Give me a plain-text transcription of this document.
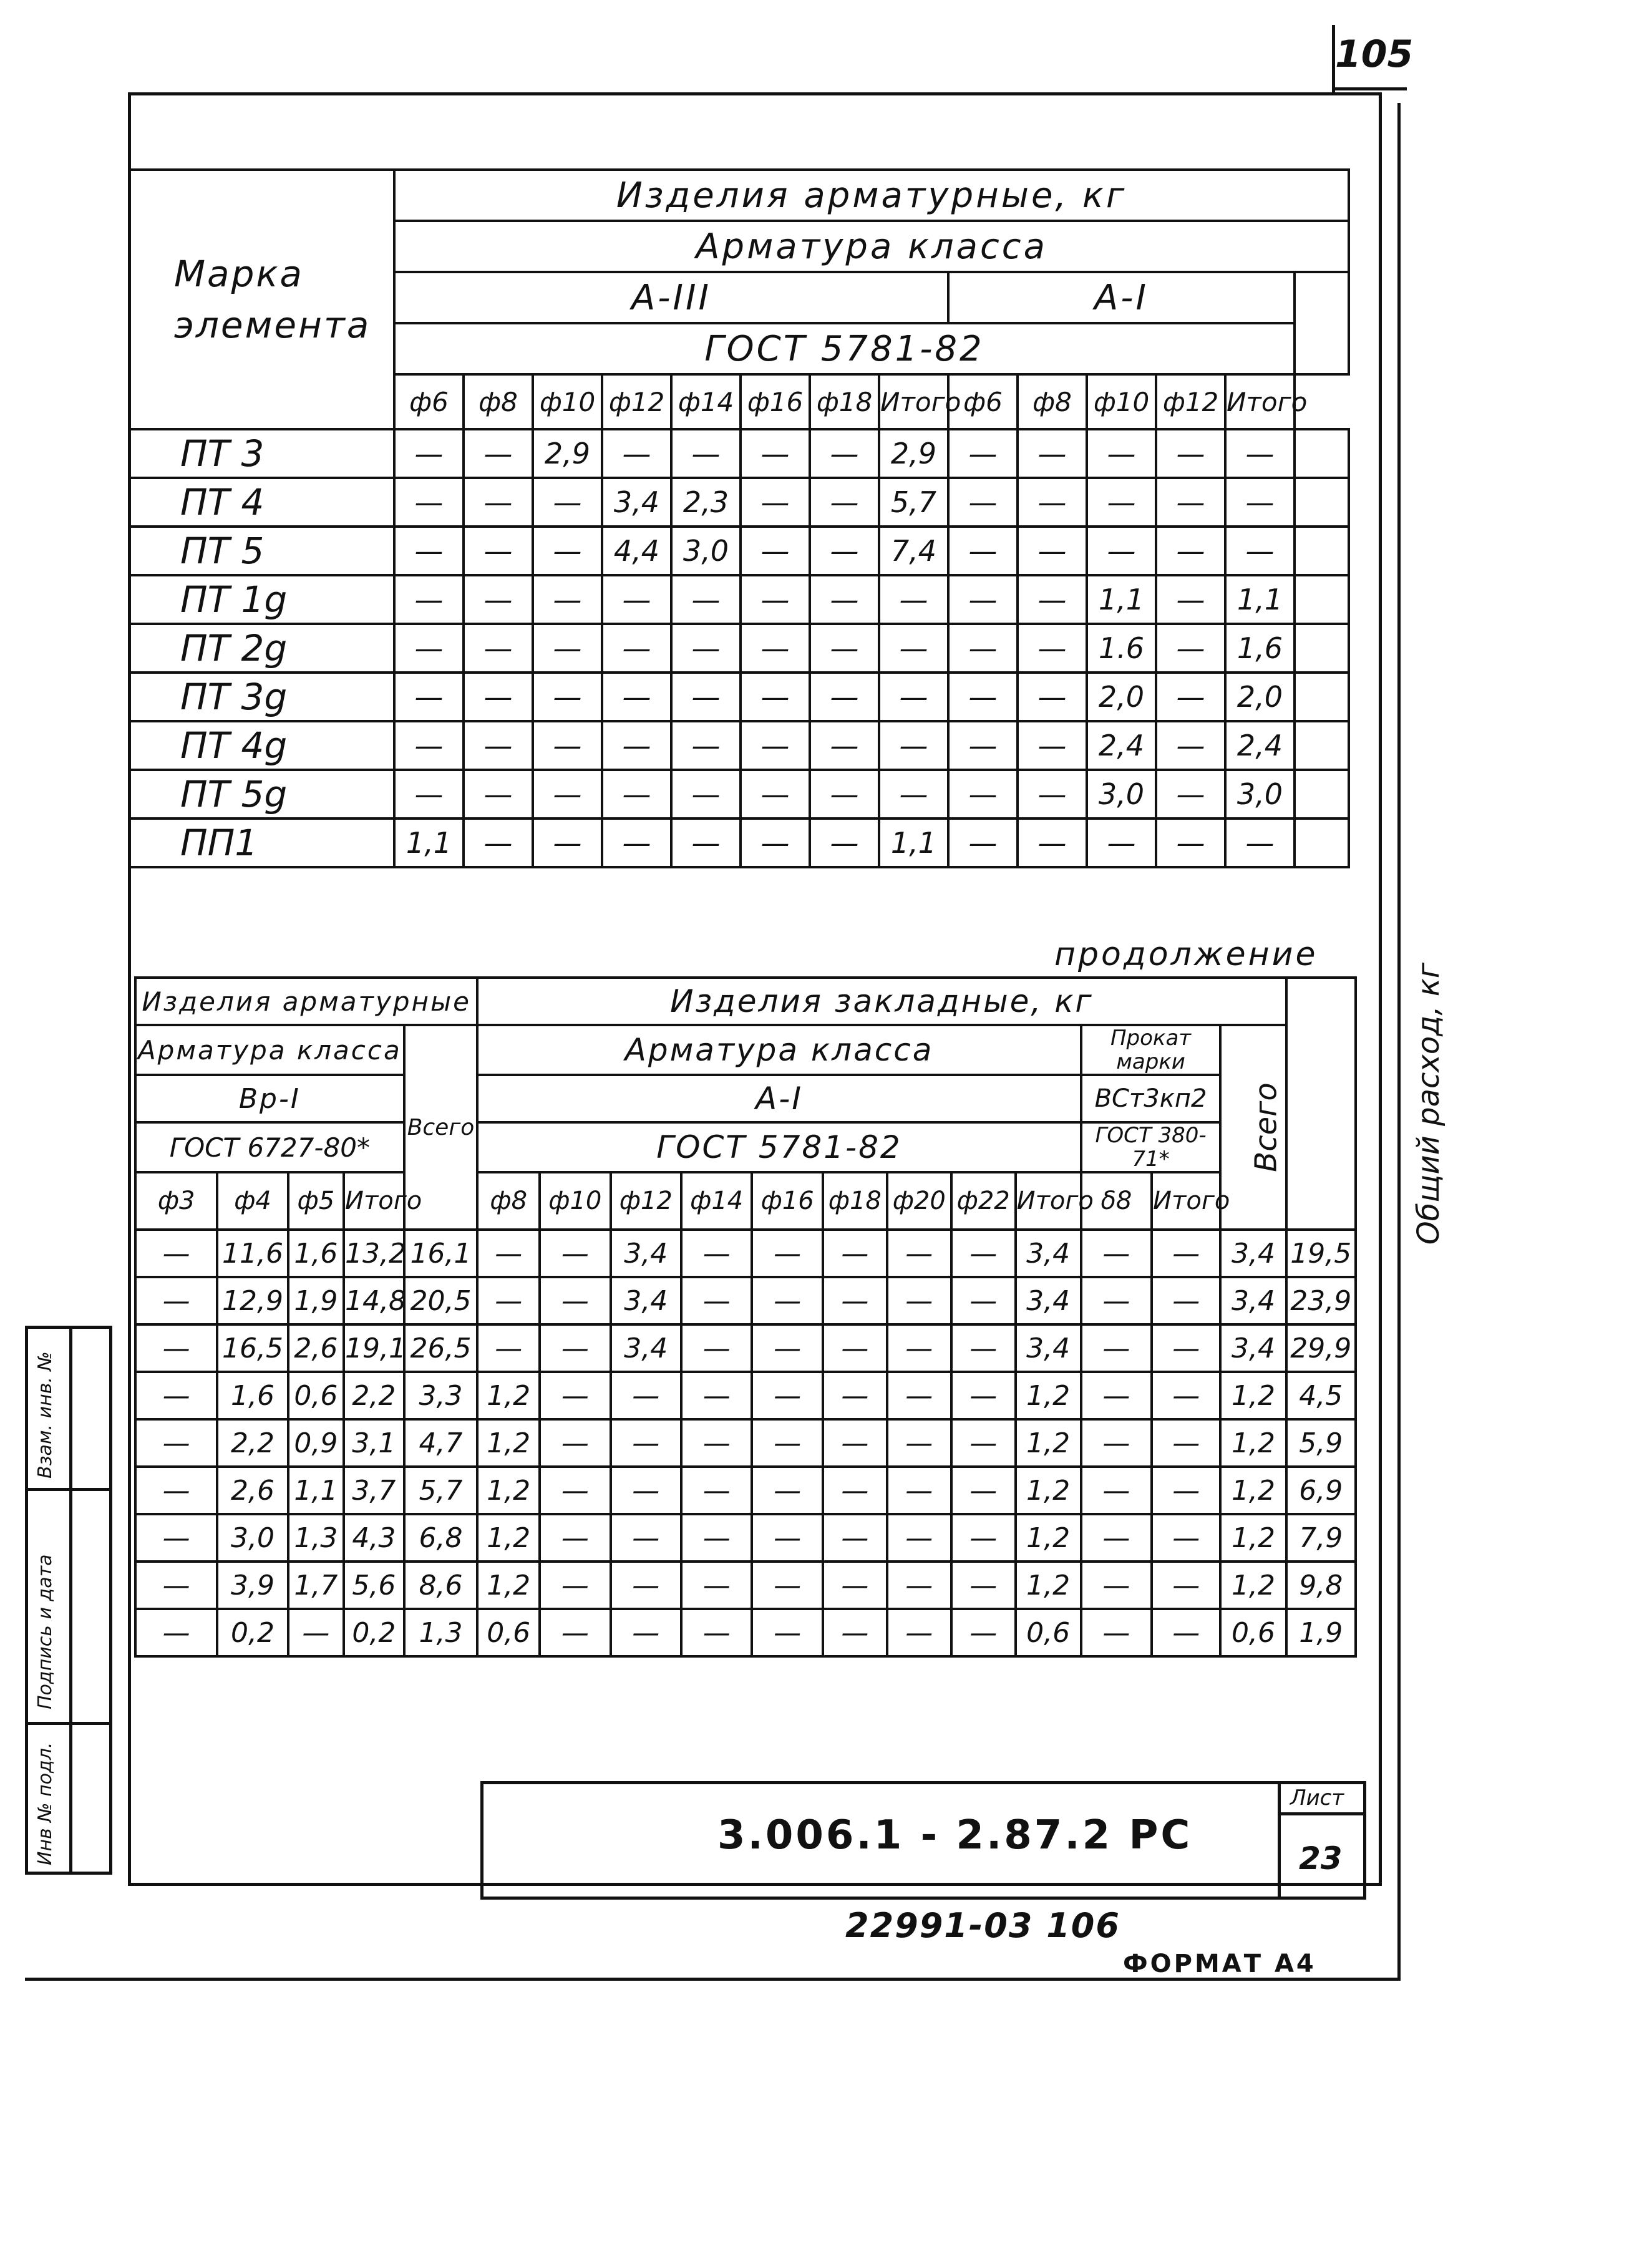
105
Марка элемента	Изделия арматурные, кг													
	Арматура класса													
	А-III								А-I					
	ГОСТ 5781-82													
	ф6	ф8	ф10	ф12	ф14	ф16	ф18	Итого	ф6	ф8	ф10	ф12	Итого	
ПТ 3	—	—	2,9	—	—	—	—	2,9	—	—	—	—	—	
ПТ 4	—	—	—	3,4	2,3	—	—	5,7	—	—	—	—	—	
ПТ 5	—	—	—	4,4	3,0	—	—	7,4	—	—	—	—	—	
ПТ 1g	—	—	—	—	—	—	—	—	—	—	1,1	—	1,1	
ПТ 2g	—	—	—	—	—	—	—	—	—	—	1.6	—	1,6	
ПТ 3g	—	—	—	—	—	—	—	—	—	—	2,0	—	2,0	
ПТ 4g	—	—	—	—	—	—	—	—	—	—	2,4	—	2,4	
ПТ 5g	—	—	—	—	—	—	—	—	—	—	3,0	—	3,0	
ПП1	1,1	—	—	—	—	—	—	1,1	—	—	—	—	—	
продолжение
Изделия арматурные					Изделия закладные, кг												Общий расход, кг
Арматура класса				Всего	Арматура класса									Прокат марки		Всего	
Вр-I					А-I									ВСт3кп2			
ГОСТ 6727-80*					ГОСТ 5781-82									ГОСТ 380-71*			
ф3	ф4	ф5	Итого		ф8	ф10	ф12	ф14	ф16	ф18	ф20	ф22	Итого	δ8	Итого		
—	11,6	1,6	13,2	16,1	—	—	3,4	—	—	—	—	—	3,4	—	—	3,4	19,5
—	12,9	1,9	14,8	20,5	—	—	3,4	—	—	—	—	—	3,4	—	—	3,4	23,9
—	16,5	2,6	19,1	26,5	—	—	3,4	—	—	—	—	—	3,4	—	—	3,4	29,9
—	1,6	0,6	2,2	3,3	1,2	—	—	—	—	—	—	—	1,2	—	—	1,2	4,5
—	2,2	0,9	3,1	4,7	1,2	—	—	—	—	—	—	—	1,2	—	—	1,2	5,9
—	2,6	1,1	3,7	5,7	1,2	—	—	—	—	—	—	—	1,2	—	—	1,2	6,9
—	3,0	1,3	4,3	6,8	1,2	—	—	—	—	—	—	—	1,2	—	—	1,2	7,9
—	3,9	1,7	5,6	8,6	1,2	—	—	—	—	—	—	—	1,2	—	—	1,2	9,8
—	0,2	—	0,2	1,3	0,6	—	—	—	—	—	—	—	0,6	—	—	0,6	1,9
3.006.1 - 2.87.2 РС
Лист
23
22991-03 106
ФОРМАТ А4
Взам. инв. №
Подпись и дата
Инв № подл.
